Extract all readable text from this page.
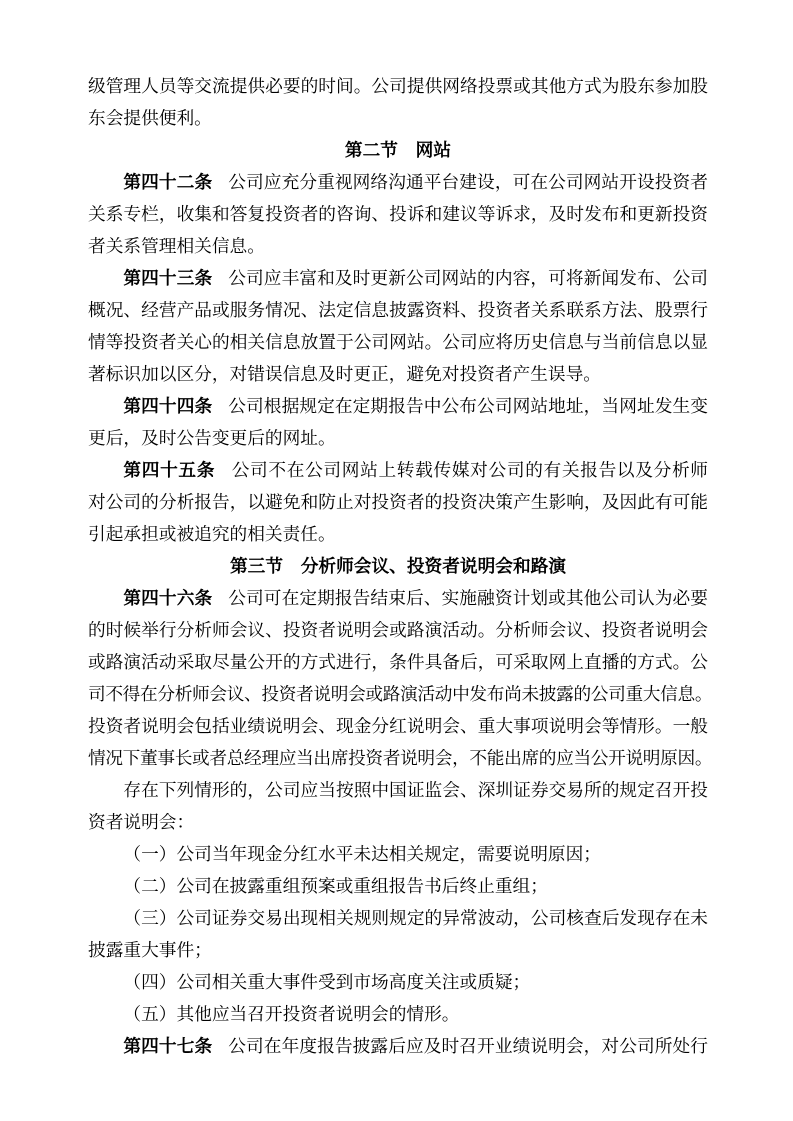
级管理人员等交流提供必要的时间。公司提供网络投票或其他方式为股东参加股
东会提供便利。
第二节　网站
第四十二条 公司应充分重视网络沟通平台建设，可在公司网站开设投资者
关系专栏，收集和答复投资者的咨询、投诉和建议等诉求，及时发布和更新投资
者关系管理相关信息。
第四十三条 公司应丰富和及时更新公司网站的内容，可将新闻发布、公司
概况、经营产品或服务情况、法定信息披露资料、投资者关系联系方法、股票行
情等投资者关心的相关信息放置于公司网站。公司应将历史信息与当前信息以显
著标识加以区分，对错误信息及时更正，避免对投资者产生误导。
第四十四条 公司根据规定在定期报告中公布公司网站地址，当网址发生变
更后，及时公告变更后的网址。
第四十五条 公司不在公司网站上转载传媒对公司的有关报告以及分析师
对公司的分析报告，以避免和防止对投资者的投资决策产生影响，及因此有可能
引起承担或被追究的相关责任。
第三节　分析师会议、投资者说明会和路演
第四十六条 公司可在定期报告结束后、实施融资计划或其他公司认为必要
的时候举行分析师会议、投资者说明会或路演活动。分析师会议、投资者说明会
或路演活动采取尽量公开的方式进行，条件具备后，可采取网上直播的方式。公
司不得在分析师会议、投资者说明会或路演活动中发布尚未披露的公司重大信息。
投资者说明会包括业绩说明会、现金分红说明会、重大事项说明会等情形。一般
情况下董事长或者总经理应当出席投资者说明会，不能出席的应当公开说明原因。
存在下列情形的，公司应当按照中国证监会、深圳证券交易所的规定召开投
资者说明会：
（一）公司当年现金分红水平未达相关规定，需要说明原因；
（二）公司在披露重组预案或重组报告书后终止重组；
（三）公司证券交易出现相关规则规定的异常波动，公司核查后发现存在未
披露重大事件；
（四）公司相关重大事件受到市场高度关注或质疑；
（五）其他应当召开投资者说明会的情形。
第四十七条 公司在年度报告披露后应及时召开业绩说明会，对公司所处行
